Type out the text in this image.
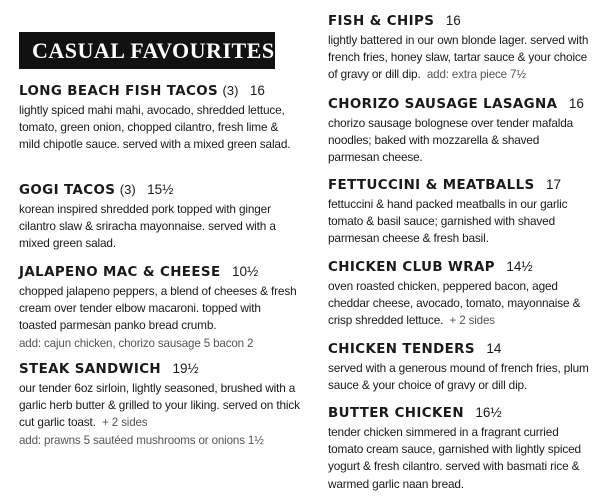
CASUAL FAVOURITES
LONG BEACH FISH TACOS (3) 16
lightly spiced mahi mahi, avocado, shredded lettuce, tomato, green onion, chopped cilantro, fresh lime & mild chipotle sauce. served with a mixed green salad.
GOGI TACOS (3) 15½
korean inspired shredded pork topped with ginger cilantro slaw & sriracha mayonnaise. served with a mixed green salad.
JALAPENO MAC & CHEESE 10½
chopped jalapeno peppers, a blend of cheeses & fresh cream over tender elbow macaroni. topped with toasted parmesan panko bread crumb.
add: cajun chicken, chorizo sausage 5 bacon 2
STEAK SANDWICH 19½
our tender 6oz sirloin, lightly seasoned, brushed with a garlic herb butter & grilled to your liking. served on thick cut garlic toast. + 2 sides
add: prawns 5 sautéed mushrooms or onions 1½
FISH & CHIPS 16
lightly battered in our own blonde lager. served with french fries, honey slaw, tartar sauce & your choice of gravy or dill dip. add: extra piece 7½
CHORIZO SAUSAGE LASAGNA 16
chorizo sausage bolognese over tender mafalda noodles; baked with mozzarella & shaved parmesan cheese.
FETTUCCINI & MEATBALLS 17
fettuccini & hand packed meatballs in our garlic tomato & basil sauce; garnished with shaved parmesan cheese & fresh basil.
CHICKEN CLUB WRAP 14½
oven roasted chicken, peppered bacon, aged cheddar cheese, avocado, tomato, mayonnaise & crisp shredded lettuce. + 2 sides
CHICKEN TENDERS 14
served with a generous mound of french fries, plum sauce & your choice of gravy or dill dip.
BUTTER CHICKEN 16½
tender chicken simmered in a fragrant curried tomato cream sauce, garnished with lightly spiced yogurt & fresh cilantro. served with basmati rice & warmed garlic naan bread.
